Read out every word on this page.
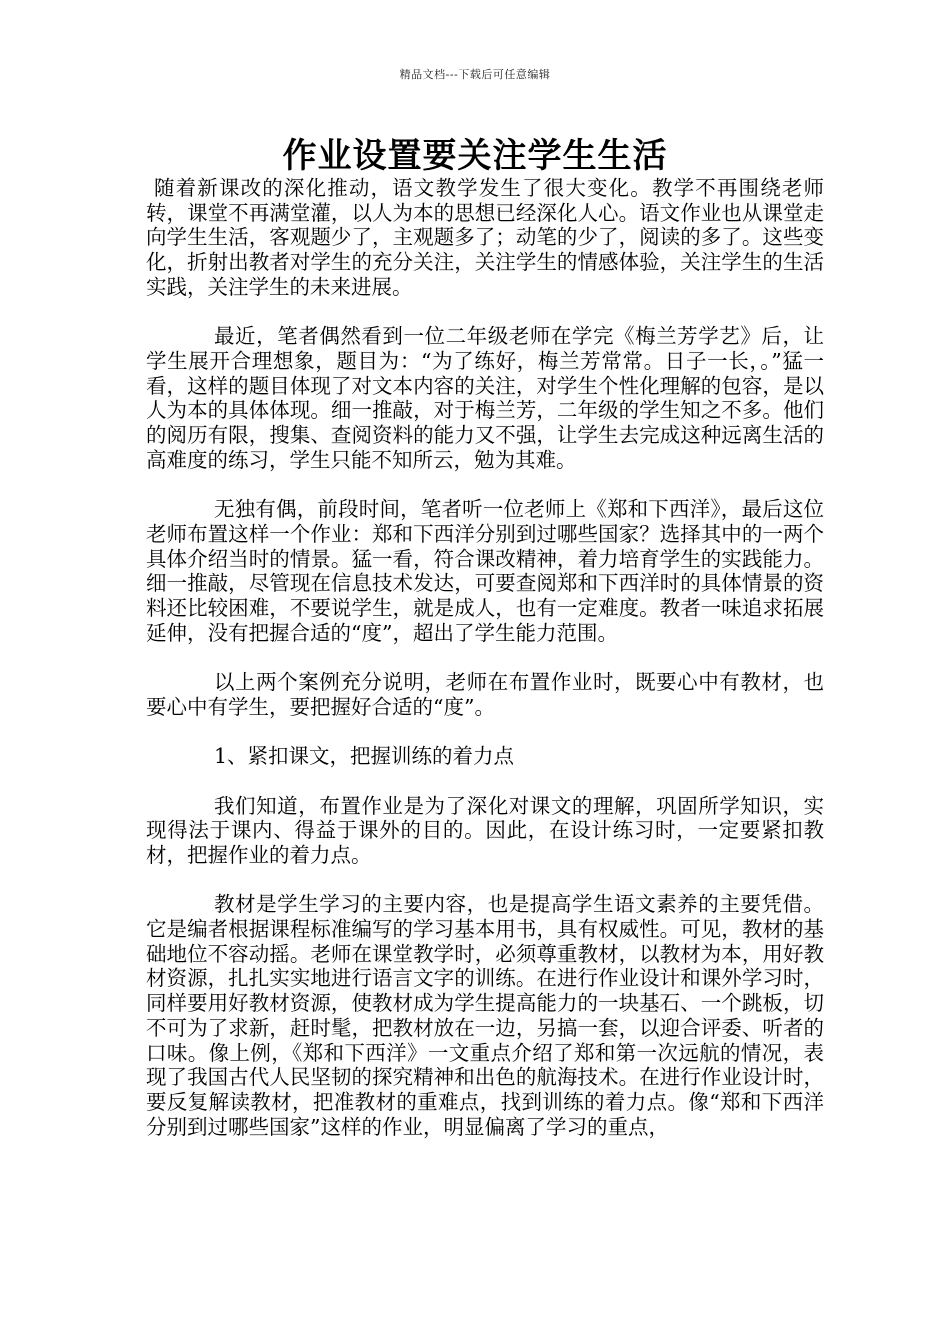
精品文档---下载后可任意编辑
作业设置要关注学生生活

随着新课改的深化推动，语文教学发生了很大变化。教学不再围绕老师转，课堂不再满堂灌，以人为本的思想已经深化人心。语文作业也从课堂走向学生生活，客观题少了，主观题多了；动笔的少了，阅读的多了。这些变化，折射出教者对学生的充分关注，关注学生的情感体验，关注学生的生活实践，关注学生的未来进展。

最近，笔者偶然看到一位二年级老师在学完《梅兰芳学艺》后，让学生展开合理想象，题目为：“为了练好，梅兰芳常常。日子一长，。”猛一看，这样的题目体现了对文本内容的关注，对学生个性化理解的包容，是以人为本的具体体现。细一推敲，对于梅兰芳，二年级的学生知之不多。他们的阅历有限，搜集、查阅资料的能力又不强，让学生去完成这种远离生活的高难度的练习，学生只能不知所云，勉为其难。

无独有偶，前段时间，笔者听一位老师上《郑和下西洋》，最后这位老师布置这样一个作业：郑和下西洋分别到过哪些国家？选择其中的一两个具体介绍当时的情景。猛一看，符合课改精神，着力培育学生的实践能力。细一推敲，尽管现在信息技术发达，可要查阅郑和下西洋时的具体情景的资料还比较困难，不要说学生，就是成人，也有一定难度。教者一味追求拓展延伸，没有把握合适的“度”，超出了学生能力范围。

以上两个案例充分说明，老师在布置作业时，既要心中有教材，也要心中有学生，要把握好合适的“度”。

1、紧扣课文，把握训练的着力点

我们知道，布置作业是为了深化对课文的理解，巩固所学知识，实现得法于课内、得益于课外的目的。因此，在设计练习时，一定要紧扣教材，把握作业的着力点。

教材是学生学习的主要内容，也是提高学生语文素养的主要凭借。它是编者根据课程标准编写的学习基本用书，具有权威性。可见，教材的基础地位不容动摇。老师在课堂教学时，必须尊重教材，以教材为本，用好教材资源，扎扎实实地进行语言文字的训练。在进行作业设计和课外学习时，同样要用好教材资源，使教材成为学生提高能力的一块基石、一个跳板，切不可为了求新，赶时髦，把教材放在一边，另搞一套，以迎合评委、听者的口味。像上例，《郑和下西洋》一文重点介绍了郑和第一次远航的情况，表现了我国古代人民坚韧的探究精神和出色的航海技术。在进行作业设计时，要反复解读教材，把准教材的重难点，找到训练的着力点。像“郑和下西洋分别到过哪些国家”这样的作业，明显偏离了学习的重点，
